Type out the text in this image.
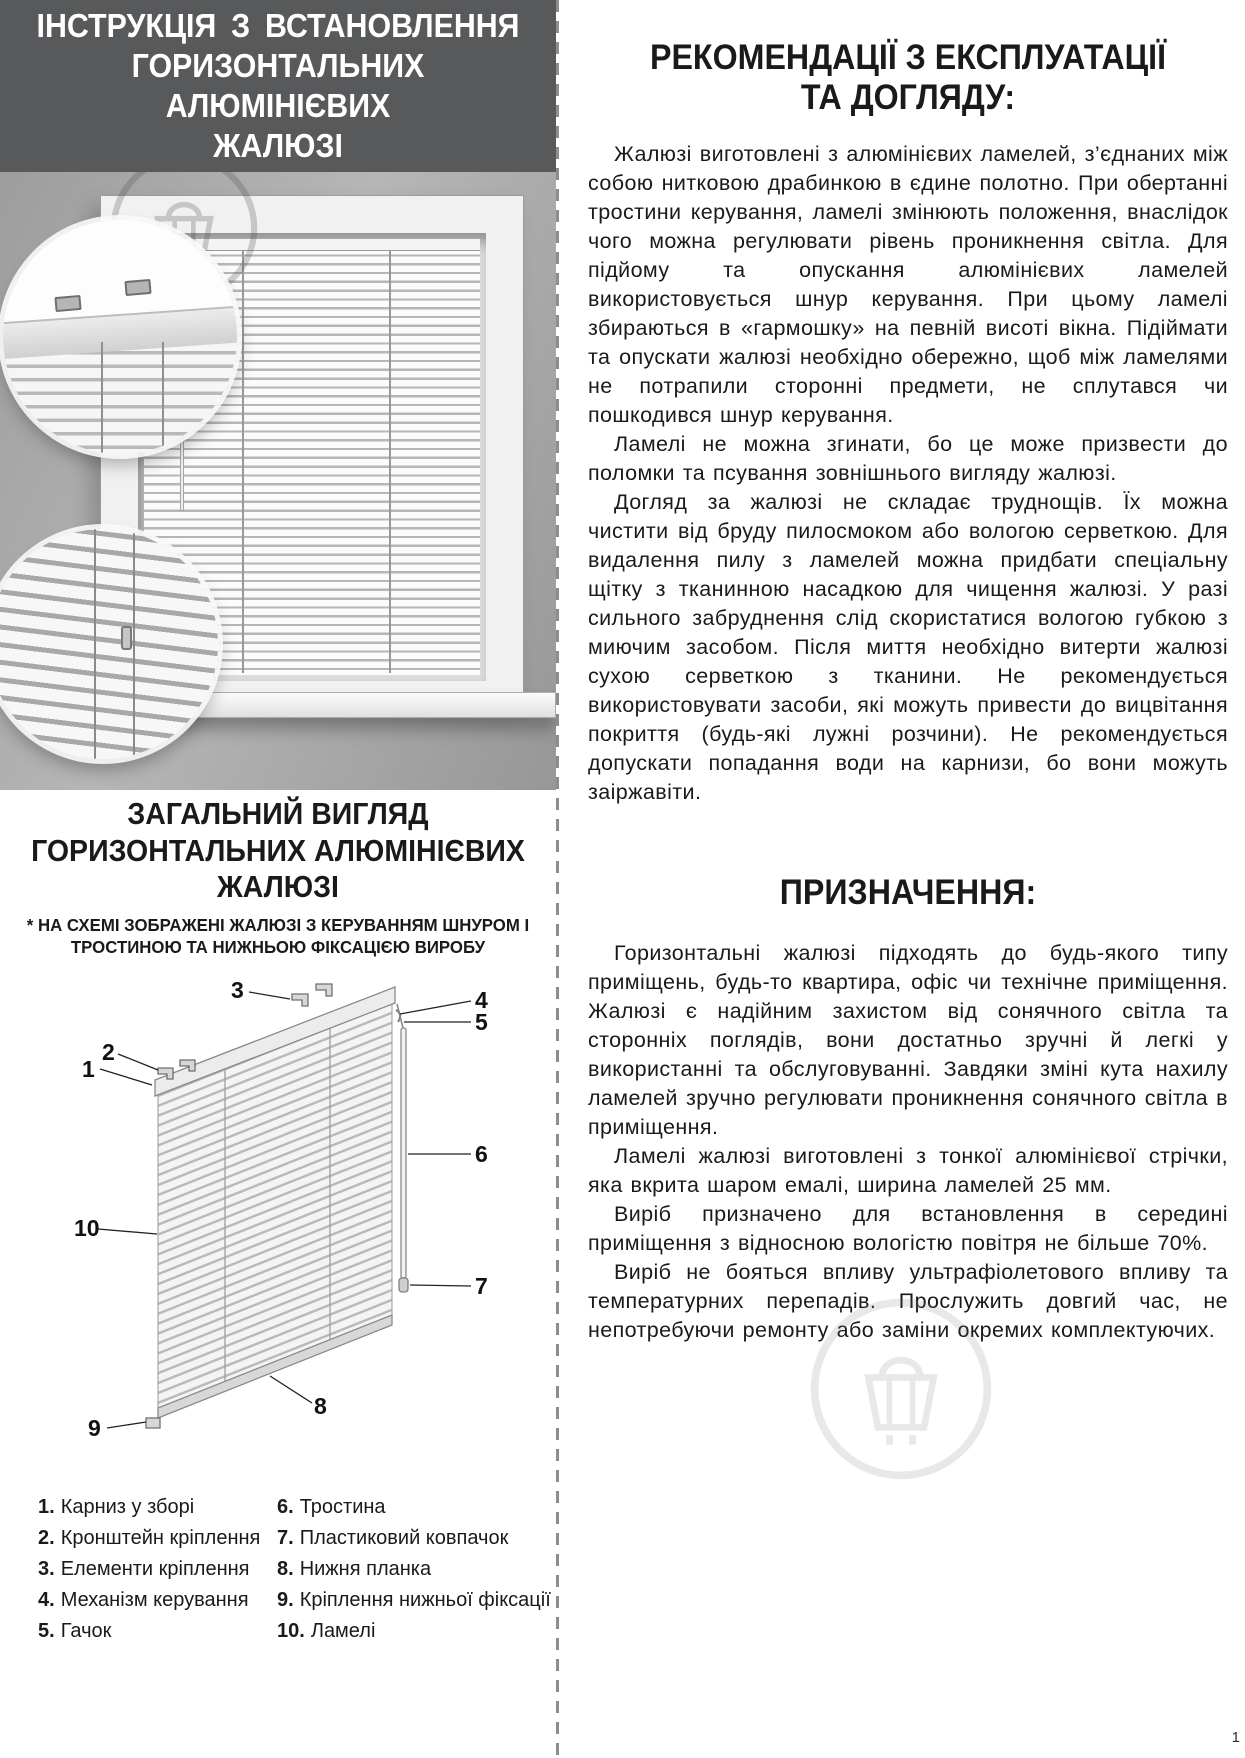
ІНСТРУКЦІЯ З ВСТАНОВЛЕННЯ
ГОРИЗОНТАЛЬНИХ АЛЮМІНІЄВИХ
ЖАЛЮЗІ
ЗАГАЛЬНИЙ ВИГЛЯД
ГОРИЗОНТАЛЬНИХ АЛЮМІНІЄВИХ
ЖАЛЮЗІ
* НА СХЕМІ ЗОБРАЖЕНІ ЖАЛЮЗІ З КЕРУВАННЯМ ШНУРОМ І
ТРОСТИНОЮ ТА НИЖНЬОЮ ФІКСАЦІЄЮ ВИРОБУ
1
2
3	4
5
6
7
8
9
10
1. Карниз у зборі
2. Кронштейн кріплення
3. Елементи кріплення
4. Механізм керування
5. Гачок
6. Тростина
7. Пластиковий ковпачок
8. Нижня планка
9. Кріплення нижньої фіксації
10. Ламелі
РЕКОМЕНДАЦІЇ З ЕКСПЛУАТАЦІЇ
ТА ДОГЛЯДУ:

Жалюзі виготовлені з алюмінієвих ламелей, з’єднаних між собою нитковою драбинкою в єдине полотно. При обертанні тростини керування, ламелі змінюють положення, внаслідок чого можна регулювати рівень проникнення світла. Для підйому та опускання алюмінієвих ламелей використовується шнур керування. При цьому ламелі збираються в «гармошку» на певній висоті вікна. Підіймати та опускати жалюзі необхідно обережно, щоб між ламелями не потрапили сторонні предмети, не сплутався чи пошкодився шнур керування.

Ламелі не можна згинати, бо це може призвести до поломки та псування зовнішнього вигляду жалюзі.

Догляд за жалюзі не складає труднощів. Їх можна чистити від бруду пилосмоком або вологою серветкою. Для видалення пилу з ламелей можна придбати спеціальну щітку з тканинною насадкою для чищення жалюзі. У разі сильного забруднення слід скористатися вологою губкою з миючим засобом. Після миття необхідно витерти жалюзі сухою серветкою з тканини. Не рекомендується використовувати засоби, які можуть привести до вицвітання покриття (будь-які лужні розчини). Не рекомендується допускати попадання води на карнизи, бо вони можуть заіржавіти.

ПРИЗНАЧЕННЯ:

Горизонтальні жалюзі підходять до будь-якого типу приміщень, будь-то квартира, офіс чи технічне приміщення. Жалюзі є надійним захистом від сонячного світла та сторонніх поглядів, вони достатньо зручні й легкі у використанні та обслуговуванні. Завдяки зміні кута нахилу ламелей зручно регулювати проникнення сонячного світла в приміщення.

Ламелі жалюзі виготовлені з тонкої алюмінієвої стрічки, яка вкрита шаром емалі, ширина ламелей 25 мм.

Виріб призначено для встановлення в середині приміщення з відносною вологістю повітря не більше 70%.

Виріб не бояться впливу ультрафіолетового впливу та температурних перепадів. Прослужить довгий час, не непотребуючи ремонту або заміни окремих комплектуючих.

1
